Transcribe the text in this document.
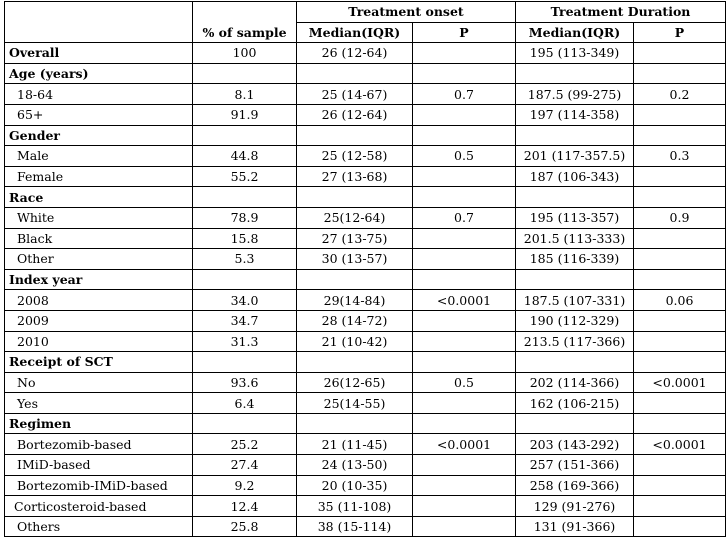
		Treatment onset		Treatment Duration	
	% of sample	Median(IQR)	P	Median(IQR)	P
Overall	100	26 (12-64)		195 (113-349)	
Age (years)					
18-64	8.1	25 (14-67)	0.7	187.5 (99-275)	0.2
65+	91.9	26 (12-64)		197 (114-358)	
Gender					
Male	44.8	25 (12-58)	0.5	201 (117-357.5)	0.3
Female	55.2	27 (13-68)		187 (106-343)	
Race					
White	78.9	25(12-64)	0.7	195 (113-357)	0.9
Black	15.8	27 (13-75)		201.5 (113-333)	
Other	5.3	30 (13-57)		185 (116-339)	
Index year					
2008	34.0	29(14-84)	<0.0001	187.5 (107-331)	0.06
2009	34.7	28 (14-72)		190 (112-329)	
2010	31.3	21 (10-42)		213.5 (117-366)	
Receipt of SCT					
No	93.6	26(12-65)	0.5	202 (114-366)	<0.0001
Yes	6.4	25(14-55)		162 (106-215)	
Regimen					
Bortezomib-based	25.2	21 (11-45)	<0.0001	203 (143-292)	<0.0001
IMiD-based	27.4	24 (13-50)		257 (151-366)	
Bortezomib-IMiD-based	9.2	20 (10-35)		258 (169-366)	
Corticosteroid-based	12.4	35 (11-108)		129 (91-276)	
Others	25.8	38 (15-114)		131 (91-366)	
